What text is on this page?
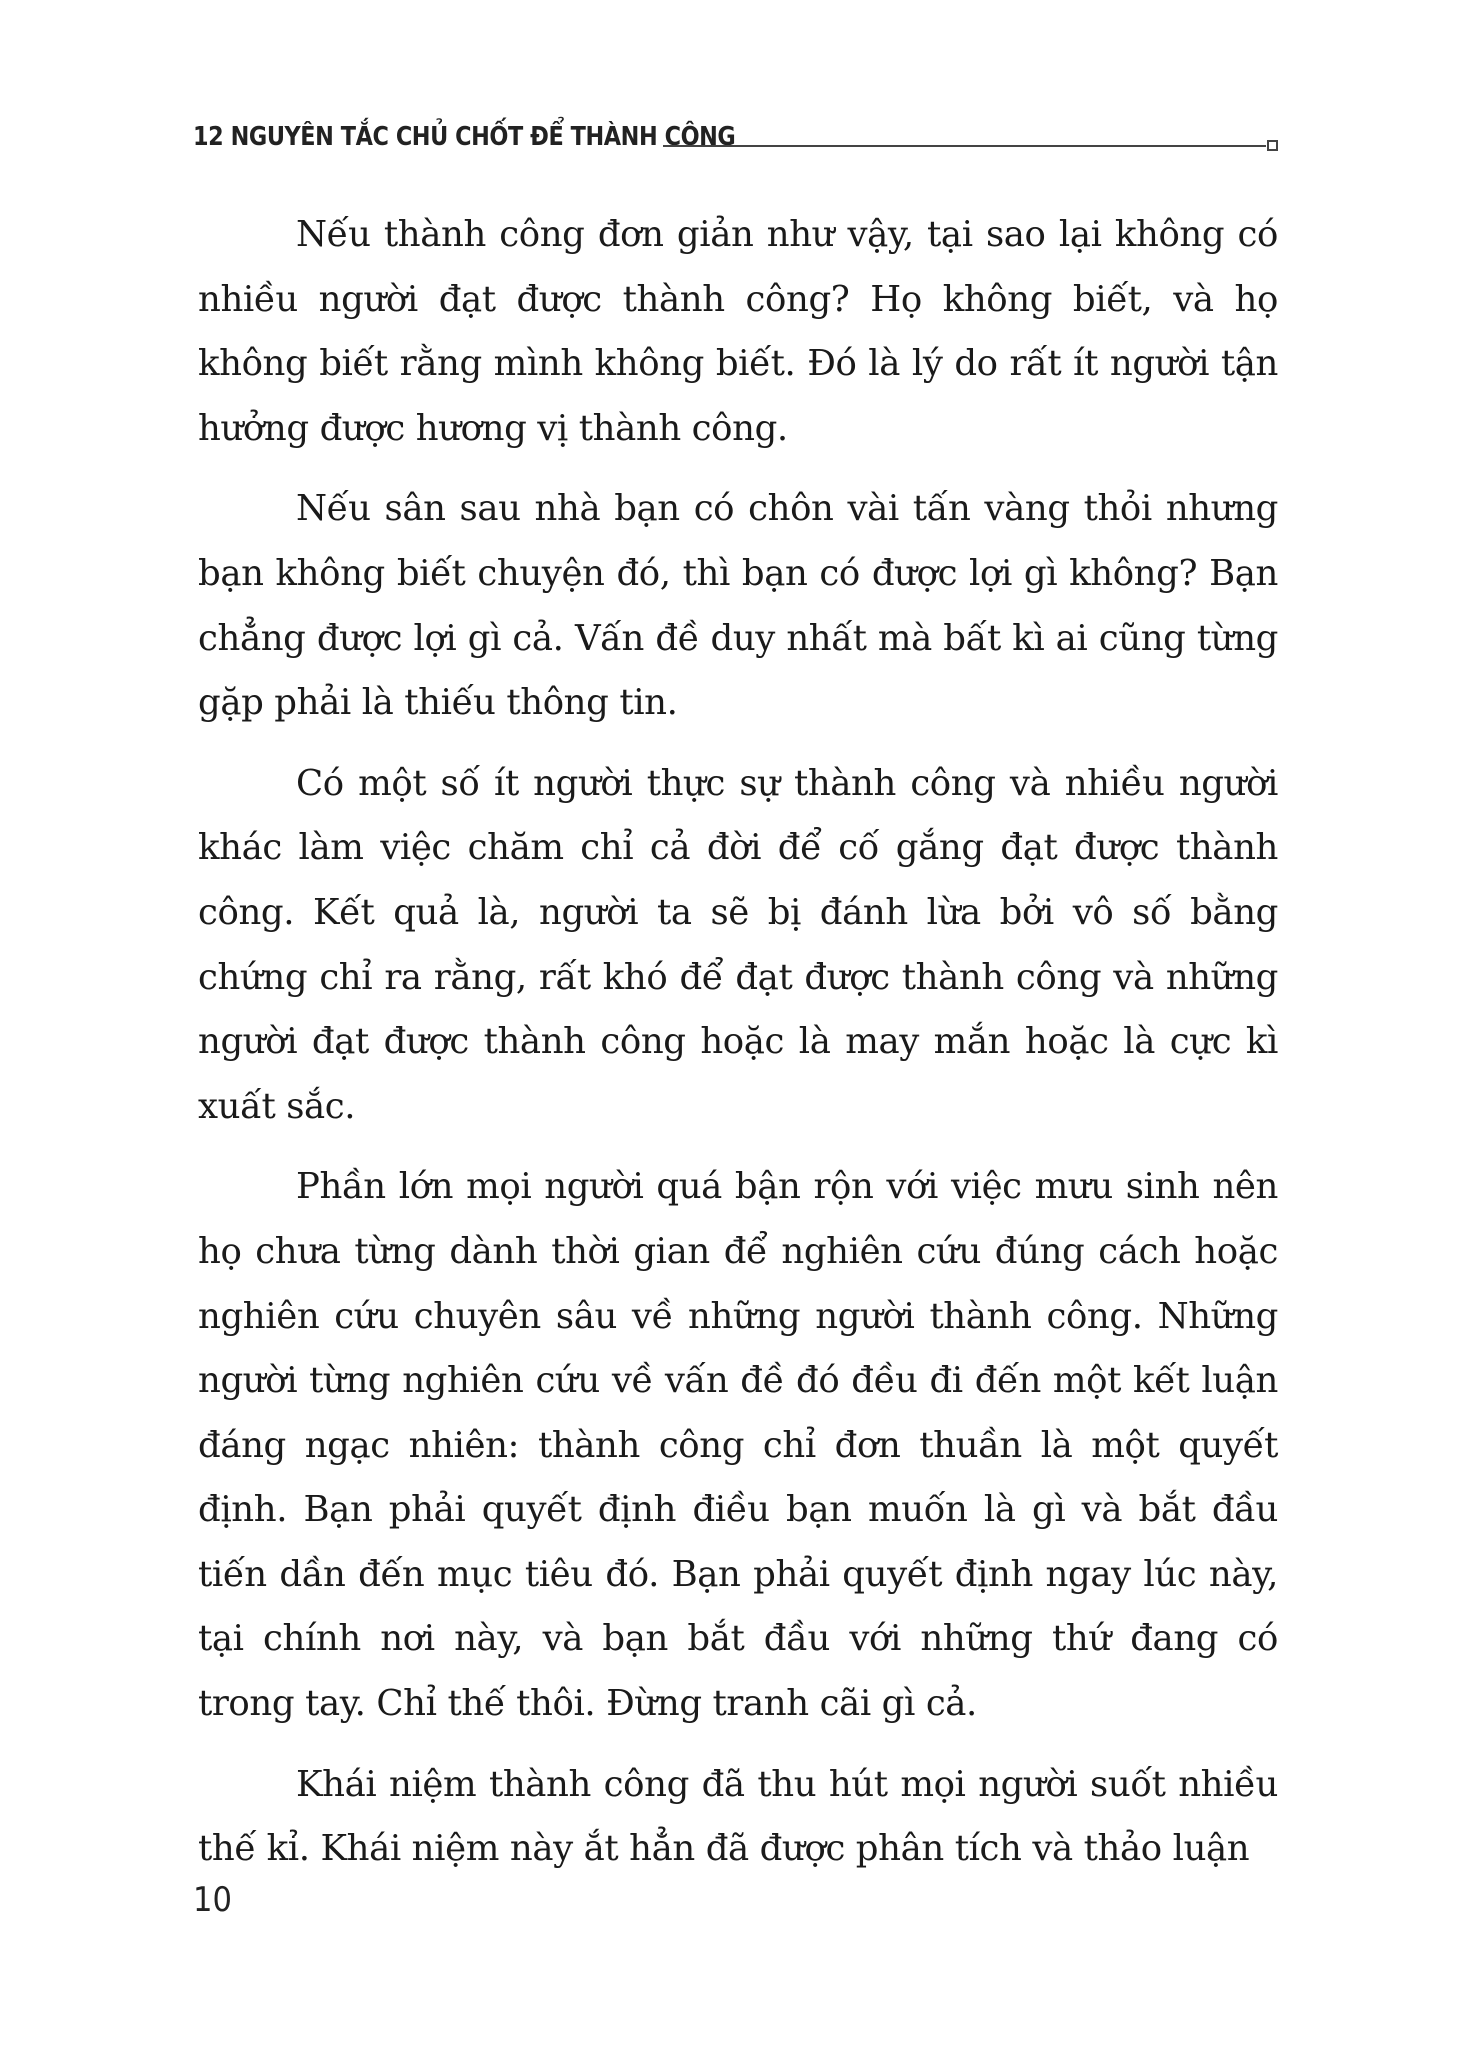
12 NGUYÊN TẮC CHỦ CHỐT ĐỂ THÀNH CÔNG

Nếu thành công đơn giản như vậy, tại sao lại không có nhiều người đạt được thành công? Họ không biết, và họ không biết rằng mình không biết. Đó là lý do rất ít người tận hưởng được hương vị thành công.

Nếu sân sau nhà bạn có chôn vài tấn vàng thỏi nhưng bạn không biết chuyện đó, thì bạn có được lợi gì không? Bạn chẳng được lợi gì cả. Vấn đề duy nhất mà bất kì ai cũng từng gặp phải là thiếu thông tin.

Có một số ít người thực sự thành công và nhiều người khác làm việc chăm chỉ cả đời để cố gắng đạt được thành công. Kết quả là, người ta sẽ bị đánh lừa bởi vô số bằng chứng chỉ ra rằng, rất khó để đạt được thành công và những người đạt được thành công hoặc là may mắn hoặc là cực kì xuất sắc.

Phần lớn mọi người quá bận rộn với việc mưu sinh nên họ chưa từng dành thời gian để nghiên cứu đúng cách hoặc nghiên cứu chuyên sâu về những người thành công. Những người từng nghiên cứu về vấn đề đó đều đi đến một kết luận đáng ngạc nhiên: thành công chỉ đơn thuần là một quyết định. Bạn phải quyết định điều bạn muốn là gì và bắt đầu tiến dần đến mục tiêu đó. Bạn phải quyết định ngay lúc này, tại chính nơi này, và bạn bắt đầu với những thứ đang có trong tay. Chỉ thế thôi. Đừng tranh cãi gì cả.

Khái niệm thành công đã thu hút mọi người suốt nhiều thế kỉ. Khái niệm này ắt hẳn đã được phân tích và thảo luận

10
